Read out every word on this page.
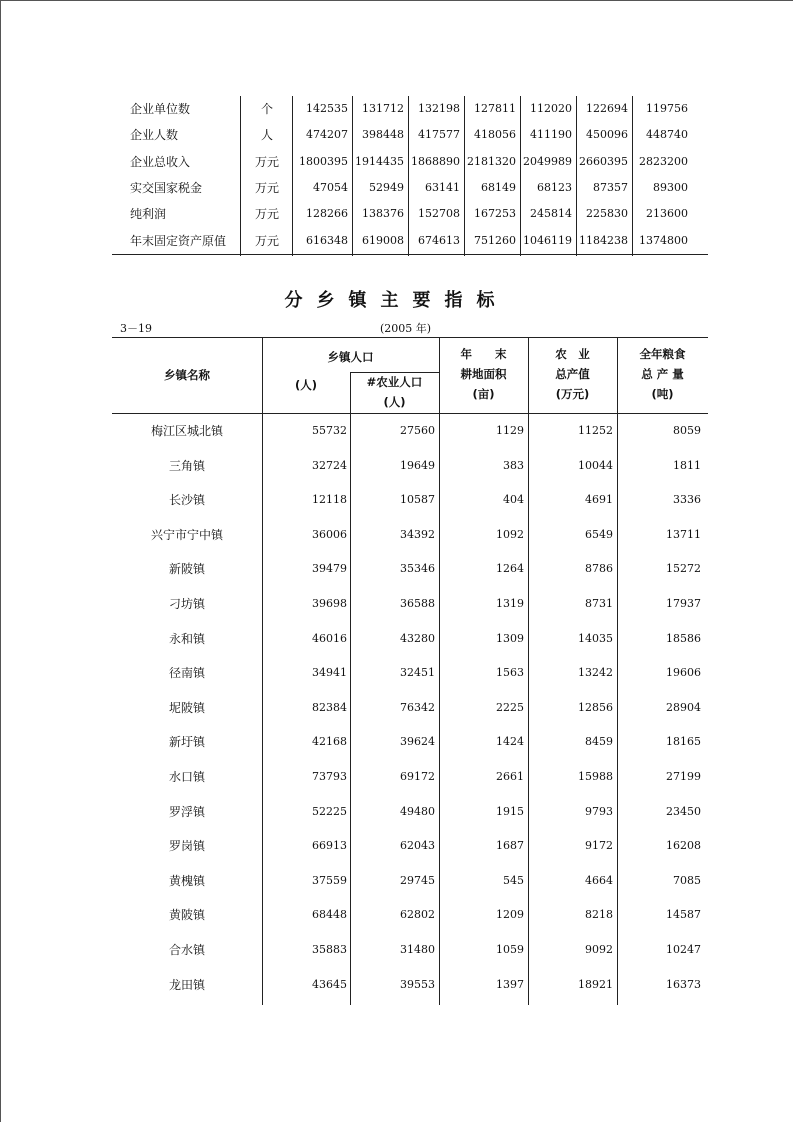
企业单位数	个	142535	131712	132198	127811	112020	122694	119756
企业人数	人	474207	398448	417577	418056	411190	450096	448740
企业总收入	万元	1800395 1914435 1868890 2181320 2049989 2660395	2823200
实交国家税金	万元	47054	52949	63141	68149	68123	87357	89300
纯利润	万元	128266	138376	152708	167253	245814	225830	213600
年末固定资产原值	万元	616348	619008	674613	751260 1046119 1184238	1374800
分乡镇主要指标
3－19	(2005 年)
乡镇名称
乡镇人口
(人)	#农业人口
(人)
年　　末
耕地面积
(亩)
农　业
总产值
(万元)
全年粮食
总 产 量
(吨)
梅江区城北镇	55732	27560	1129	11252	8059
三角镇	32724	19649	383	10044	1811
长沙镇	12118	10587	404	4691	3336
兴宁市宁中镇	36006	34392	1092	6549	13711
新陂镇	39479	35346	1264	8786	15272
刁坊镇	39698	36588	1319	8731	17937
永和镇	46016	43280	1309	14035	18586
径南镇	34941	32451	1563	13242	19606
坭陂镇	82384	76342	2225	12856	28904
新圩镇	42168	39624	1424	8459	18165
水口镇	73793	69172	2661	15988	27199
罗浮镇	52225	49480	1915	9793	23450
罗岗镇	66913	62043	1687	9172	16208
黄槐镇	37559	29745	545	4664	7085
黄陂镇	68448	62802	1209	8218	14587
合水镇	35883	31480	1059	9092	10247
龙田镇	43645	39553	1397	18921	16373
